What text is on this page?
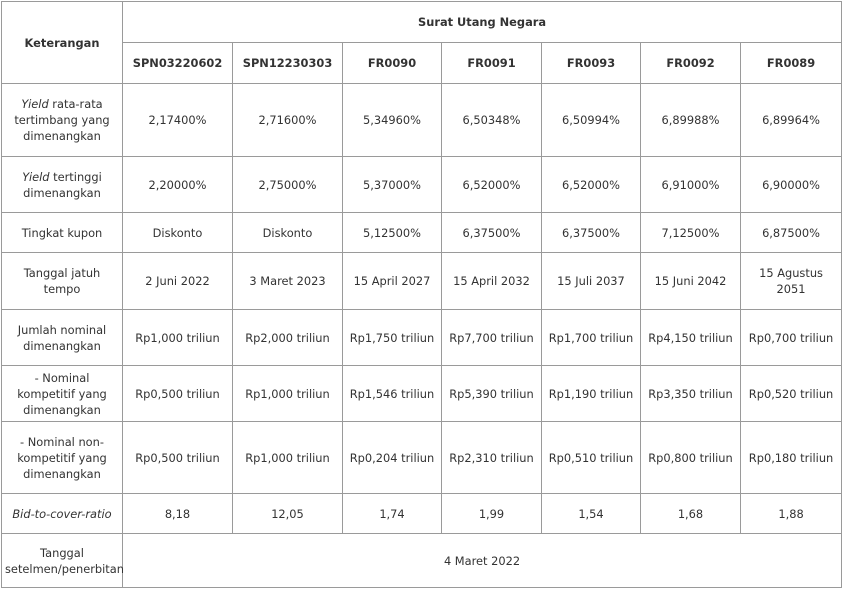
Keterangan	Surat Utang Negara						
	SPN03220602	SPN12230303	FR0090	FR0091	FR0093	FR0092	FR0089
Yield rata-rata tertimbang yang dimenangkan	2,17400%	2,71600%	5,34960%	6,50348%	6,50994%	6,89988%	6,89964%
Yield tertinggi dimenangkan	2,20000%	2,75000%	5,37000%	6,52000%	6,52000%	6,91000%	6,90000%
Tingkat kupon	Diskonto	Diskonto	5,12500%	6,37500%	6,37500%	7,12500%	6,87500%
Tanggal jatuh tempo	2 Juni 2022	3 Maret 2023	15 April 2027	15 April 2032	15 Juli 2037	15 Juni 2042	15 Agustus 2051
Jumlah nominal dimenangkan	Rp1,000 triliun	Rp2,000 triliun	Rp1,750 triliun	Rp7,700 triliun	Rp1,700 triliun	Rp4,150 triliun	Rp0,700 triliun
- Nominal kompetitif yang dimenangkan	Rp0,500 triliun	Rp1,000 triliun	Rp1,546 triliun	Rp5,390 triliun	Rp1,190 triliun	Rp3,350 triliun	Rp0,520 triliun
- Nominal non-kompetitif yang dimenangkan	Rp0,500 triliun	Rp1,000 triliun	Rp0,204 triliun	Rp2,310 triliun	Rp0,510 triliun	Rp0,800 triliun	Rp0,180 triliun
Bid-to-cover-ratio	8,18	12,05	1,74	1,99	1,54	1,68	1,88
Tanggal setelmen/penerbitan	4 Maret 2022						
